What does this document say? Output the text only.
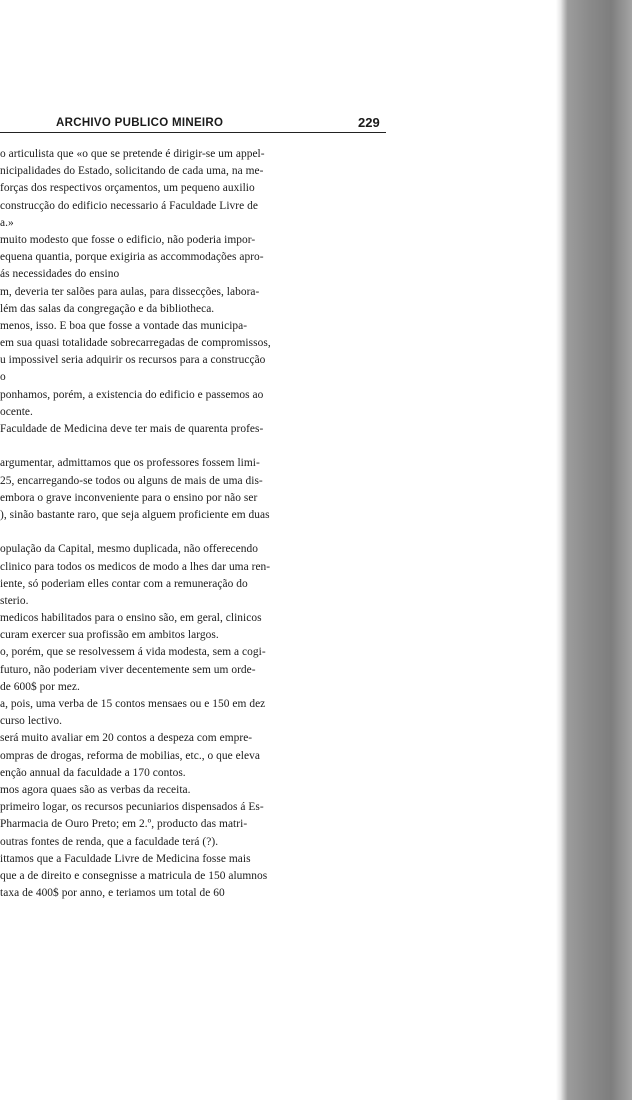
ARCHIVO PUBLICO MINEIRO	229
o articulista que «o que se pretende é dirigir-se um appel-
nicipalidades do Estado, solicitando de cada uma, na me-
forças dos respectivos orçamentos, um pequeno auxilio
construcção do edificio necessario á Faculdade Livre de
a.»
muito modesto que fosse o edificio, não poderia impor-
equena quantia, porque exigiria as accommodações apro-
ás necessidades do ensino
m, deveria ter salões para aulas, para dissecções, labora-
lém das salas da congregação e da bibliotheca.
menos, isso. E boa que fosse a vontade das municipa-
em sua quasi totalidade sobrecarregadas de compromissos,
u impossivel seria adquirir os recursos para a construcção
o
ponhamos, porém, a existencia do edificio e passemos ao
ocente.
Faculdade de Medicina deve ter mais de quarenta profes-
argumentar, admittamos que os professores fossem limi-
25, encarregando-se todos ou alguns de mais de uma dis-
embora o grave inconveniente para o ensino por não ser
), sinão bastante raro, que seja alguem proficiente em duas
opulação da Capital, mesmo duplicada, não offerecendo
clinico para todos os medicos de modo a lhes dar uma ren-
iente, só poderiam elles contar com a remuneração do
sterio.
medicos habilitados para o ensino são, em geral, clinicos
curam exercer sua profissão em ambitos largos.
o, porém, que se resolvessem á vida modesta, sem a cogi-
futuro, não poderiam viver decentemente sem um orde-
de 600$ por mez.
a, pois, uma verba de 15 contos mensaes ou e 150 em dez
curso lectivo.
será muito avaliar em 20 contos a despeza com empre-
ompras de drogas, reforma de mobilias, etc., o que eleva
enção annual da faculdade a 170 contos.
mos agora quaes são as verbas da receita.
primeiro logar, os recursos pecuniarios dispensados á Es-
Pharmacia de Ouro Preto; em 2.º, producto das matri-
outras fontes de renda, que a faculdade terá (?).
ittamos que a Faculdade Livre de Medicina fosse mais
que a de direito e consegnisse a matricula de 150 alumnos
taxa de 400$ por anno, e teriamos um total de 60
